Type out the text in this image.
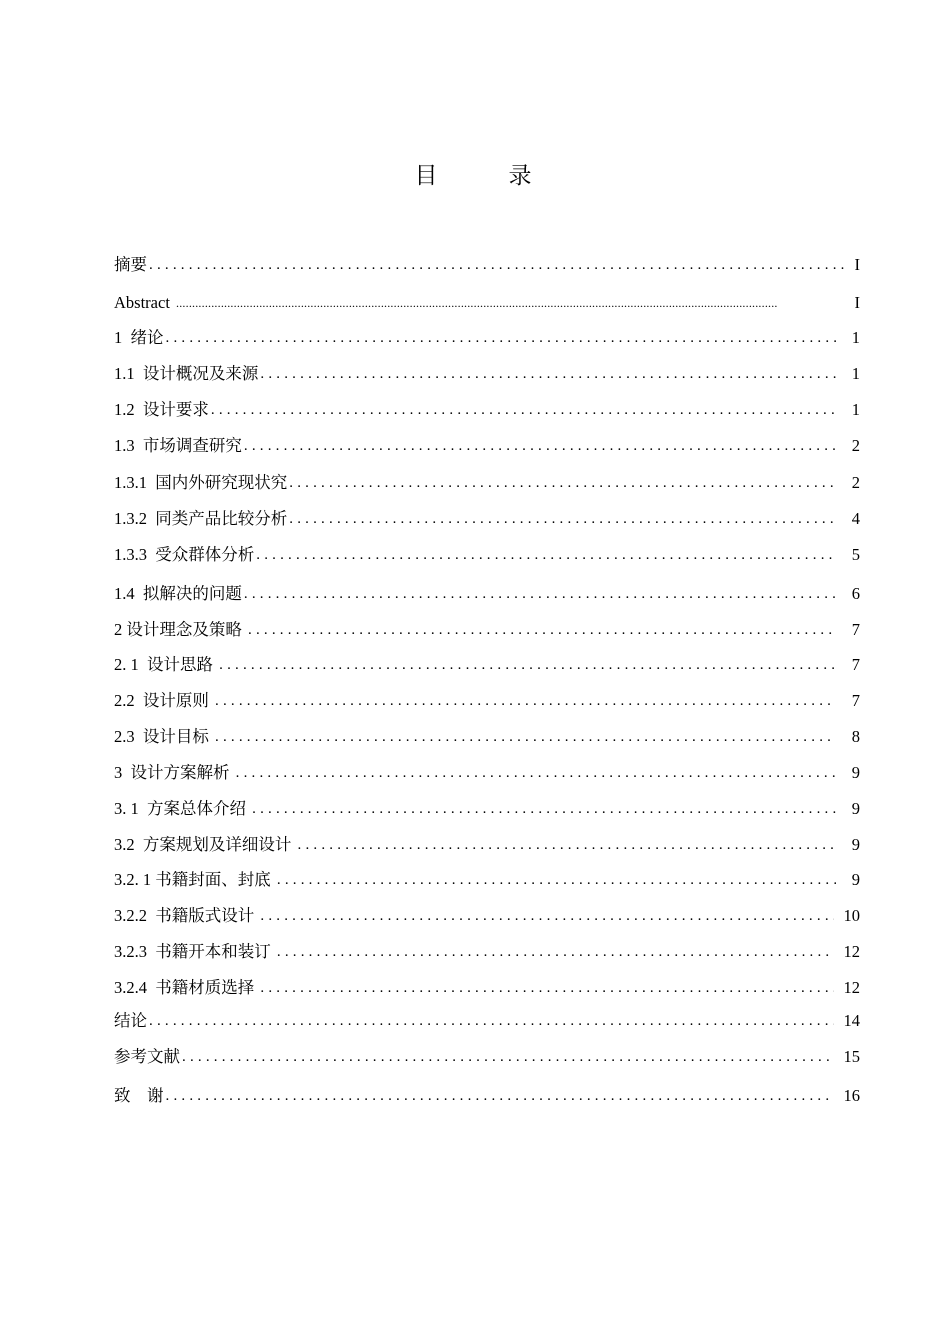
目　录
摘要 .....	I
Abstract .....	I
1  绪论 .....	1
1.1  设计概况及来源 .....	1
1.2  设计要求 .....	1
1.3  市场调查研究 .....	2
1.3.1  国内外研究现状究 .....	2
1.3.2  同类产品比较分析 .....	4
1.3.3  受众群体分析 .....	5
1.4  拟解决的问题 .....	6
2 设计理念及策略 .....	7
2. 1  设计思路 .....	7
2.2  设计原则 .....	7
2.3  设计目标 .....	8
3  设计方案解析 .....	9
3. 1  方案总体介绍 .....	9
3.2  方案规划及详细设计 .....	9
3.2. 1 书籍封面、封底 .....	9
3.2.2  书籍版式设计 .....	10
3.2.3  书籍开本和装订 .....	12
3.2.4  书籍材质选择 .....	12
结论 .....	14
参考文献 .....	15
致　谢 .....	16
